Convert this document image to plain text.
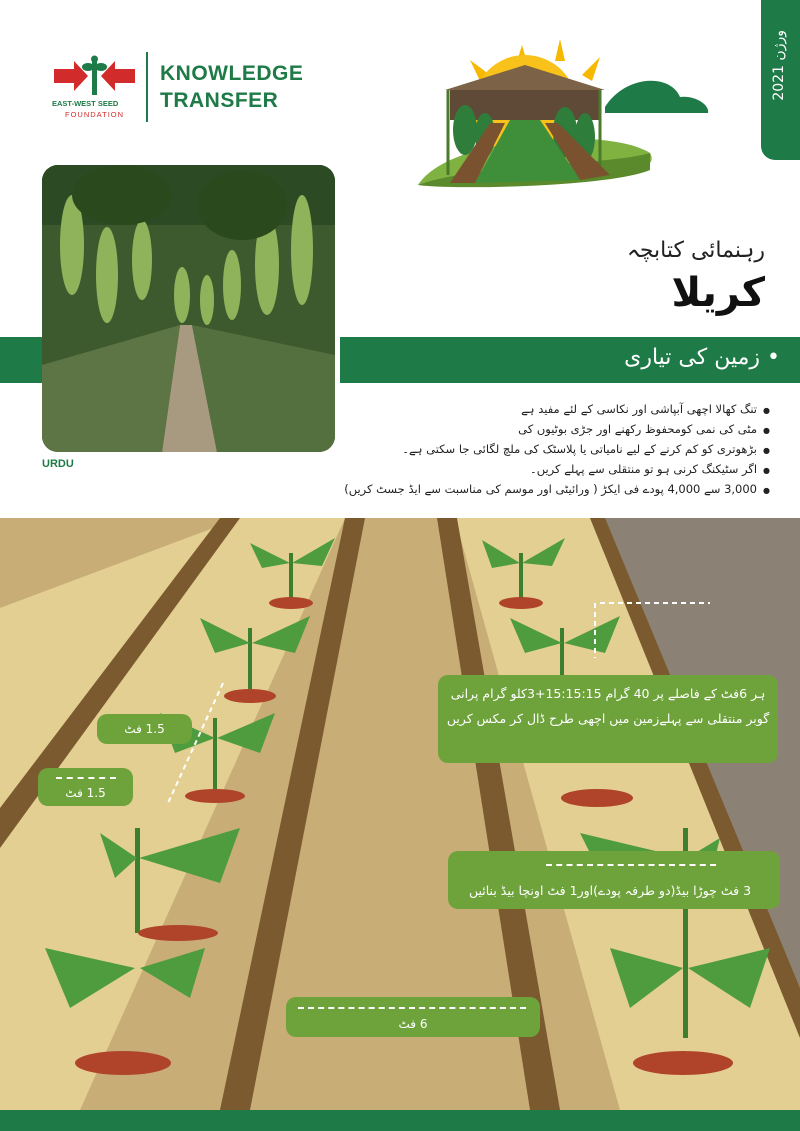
EAST-WEST SEED
FOUNDATION
KNOWLEDGE
TRANSFER	2021 ورژن
• زمین کی تیاری
URDU
رہنمائی کتابچہ
کریلا
● تنگ کھالا اچھی آبپاشی اور نکاسی کے لئے مفید ہے
● مٹی کی نمی کومحفوظ رکھنے اور جڑی بوٹیوں کی
● بڑھوتری کو کم کرنے کے لیے نامیاتی یا پلاسٹک کی ملچ لگائی جا سکتی ہے۔
● اگر سٹیکنگ کرنی ہو تو منتقلی سے پہلے کریں۔
● 3,000 سے 4,000 پودے فی ایکڑ ( ورائیٹی اور موسم کی مناسبت سے ایڈ جسٹ کریں)
ہر 6فٹ کے فاصلے پر 40 گرام 15:15:15+3کلو گرام پرانی گوبر منتقلی سے پہلےزمین میں اچھی طرح ڈال کر مکس کریں
3 فٹ چوڑا بیڈ(دو طرفہ پودے)اور1 فٹ اونچا بیڈ بنائیں
1.5 فٹ
1.5 فٹ
6 فٹ
